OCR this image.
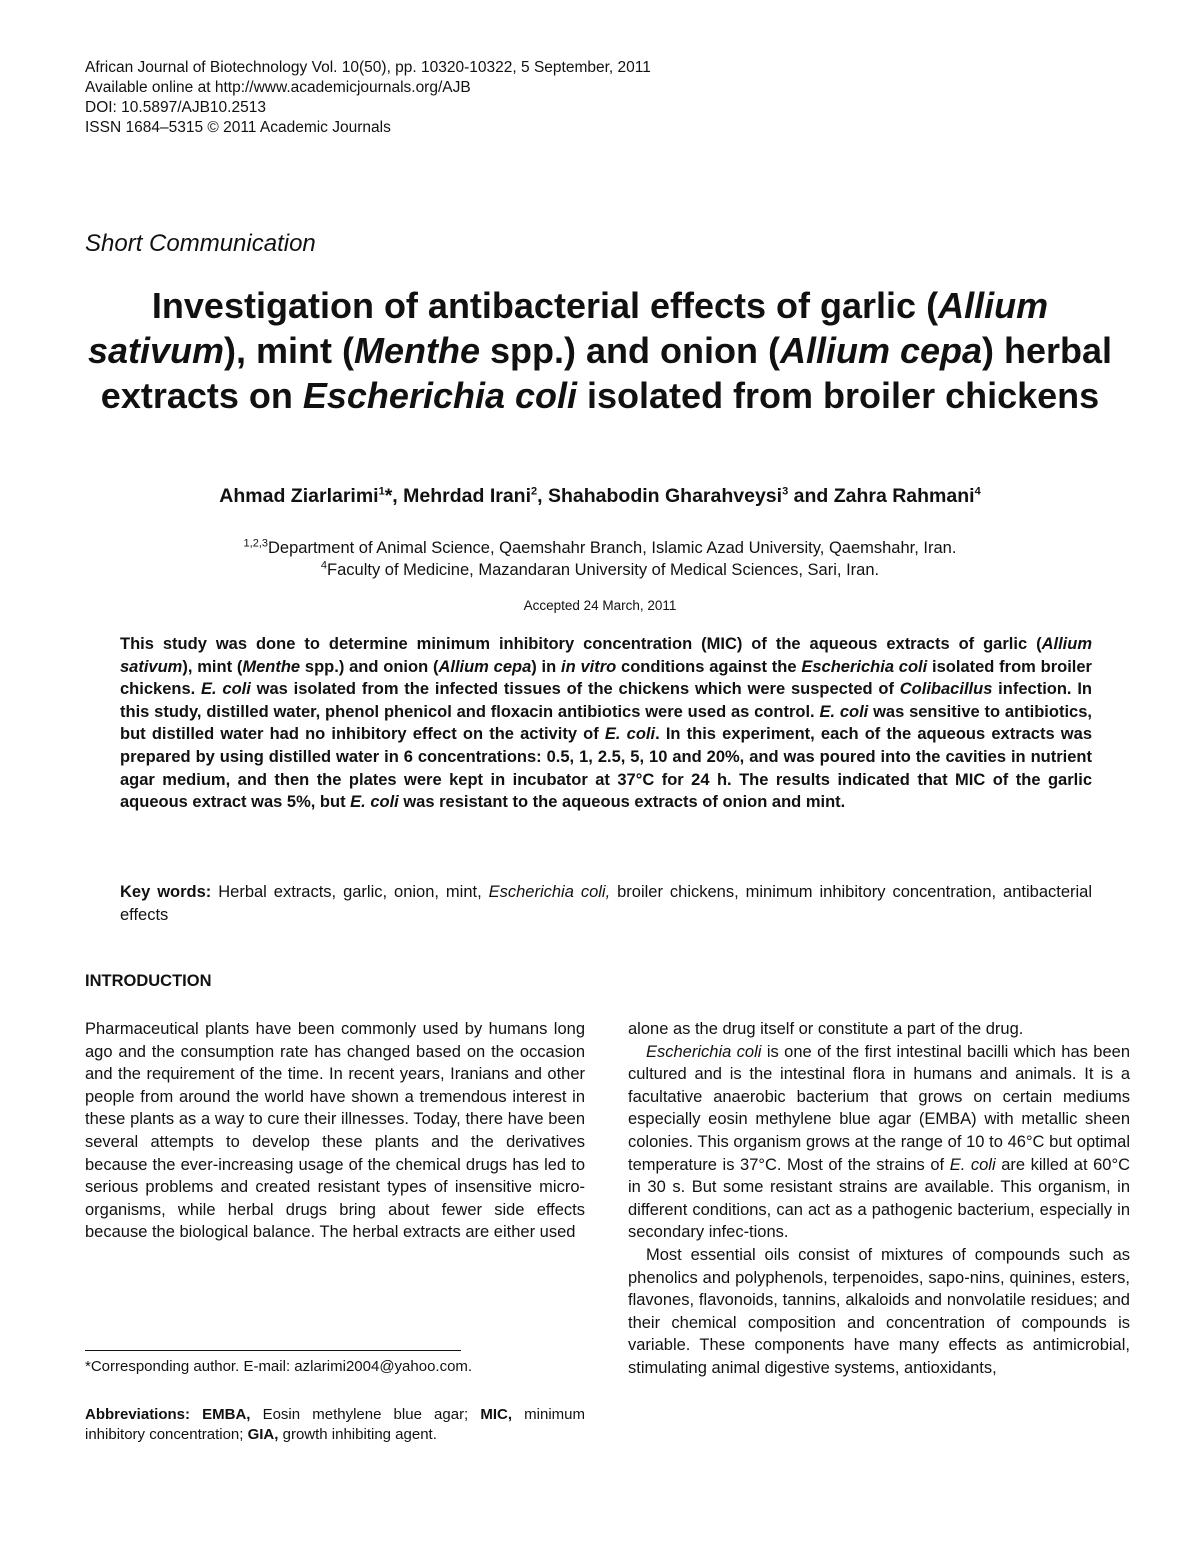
African Journal of Biotechnology Vol. 10(50), pp. 10320-10322, 5 September, 2011
Available online at http://www.academicjournals.org/AJB
DOI: 10.5897/AJB10.2513
ISSN 1684–5315 © 2011 Academic Journals
Short Communication
Investigation of antibacterial effects of garlic (Allium sativum), mint (Menthe spp.) and onion (Allium cepa) herbal extracts on Escherichia coli isolated from broiler chickens
Ahmad Ziarlarimi$^1$*, Mehrdad Irani$^2$, Shahabodin Gharahveysi$^3$ and Zahra Rahmani$^4$
$^{1,2,3}$Department of Animal Science, Qaemshahr Branch, Islamic Azad University, Qaemshahr, Iran.
$^4$Faculty of Medicine, Mazandaran University of Medical Sciences, Sari, Iran.
Accepted 24 March, 2011
This study was done to determine minimum inhibitory concentration (MIC) of the aqueous extracts of garlic (Allium sativum), mint (Menthe spp.) and onion (Allium cepa) in in vitro conditions against the Escherichia coli isolated from broiler chickens. E. coli was isolated from the infected tissues of the chickens which were suspected of Colibacillus infection. In this study, distilled water, phenol phenicol and floxacin antibiotics were used as control. E. coli was sensitive to antibiotics, but distilled water had no inhibitory effect on the activity of E. coli. In this experiment, each of the aqueous extracts was prepared by using distilled water in 6 concentrations: 0.5, 1, 2.5, 5, 10 and 20%, and was poured into the cavities in nutrient agar medium, and then the plates were kept in incubator at 37°C for 24 h. The results indicated that MIC of the garlic aqueous extract was 5%, but E. coli was resistant to the aqueous extracts of onion and mint.
Key words: Herbal extracts, garlic, onion, mint, Escherichia coli, broiler chickens, minimum inhibitory concentration, antibacterial effects
INTRODUCTION

Pharmaceutical plants have been commonly used by humans long ago and the consumption rate has changed based on the occasion and the requirement of the time. In recent years, Iranians and other people from around the world have shown a tremendous interest in these plants as a way to cure their illnesses. Today, there have been several attempts to develop these plants and the derivatives because the ever-increasing usage of the chemical drugs has led to serious problems and created resistant types of insensitive micro-organisms, while herbal drugs bring about fewer side effects because the biological balance. The herbal extracts are either used

alone as the drug itself or constitute a part of the drug.

Escherichia coli is one of the first intestinal bacilli which has been cultured and is the intestinal flora in humans and animals. It is a facultative anaerobic bacterium that grows on certain mediums especially eosin methylene blue agar (EMBA) with metallic sheen colonies. This organism grows at the range of 10 to 46°C but optimal temperature is 37°C. Most of the strains of E. coli are killed at 60°C in 30 s. But some resistant strains are available. This organism, in different conditions, can act as a pathogenic bacterium, especially in secondary infec-tions.

Most essential oils consist of mixtures of compounds such as phenolics and polyphenols, terpenoides, sapo-nins, quinines, esters, flavones, flavonoids, tannins, alkaloids and nonvolatile residues; and their chemical composition and concentration of compounds is variable. These components have many effects as antimicrobial, stimulating animal digestive systems, antioxidants,

*Corresponding author. E-mail: azlarimi2004@yahoo.com.
Abbreviations: EMBA, Eosin methylene blue agar; MIC, minimum inhibitory concentration; GIA, growth inhibiting agent.
